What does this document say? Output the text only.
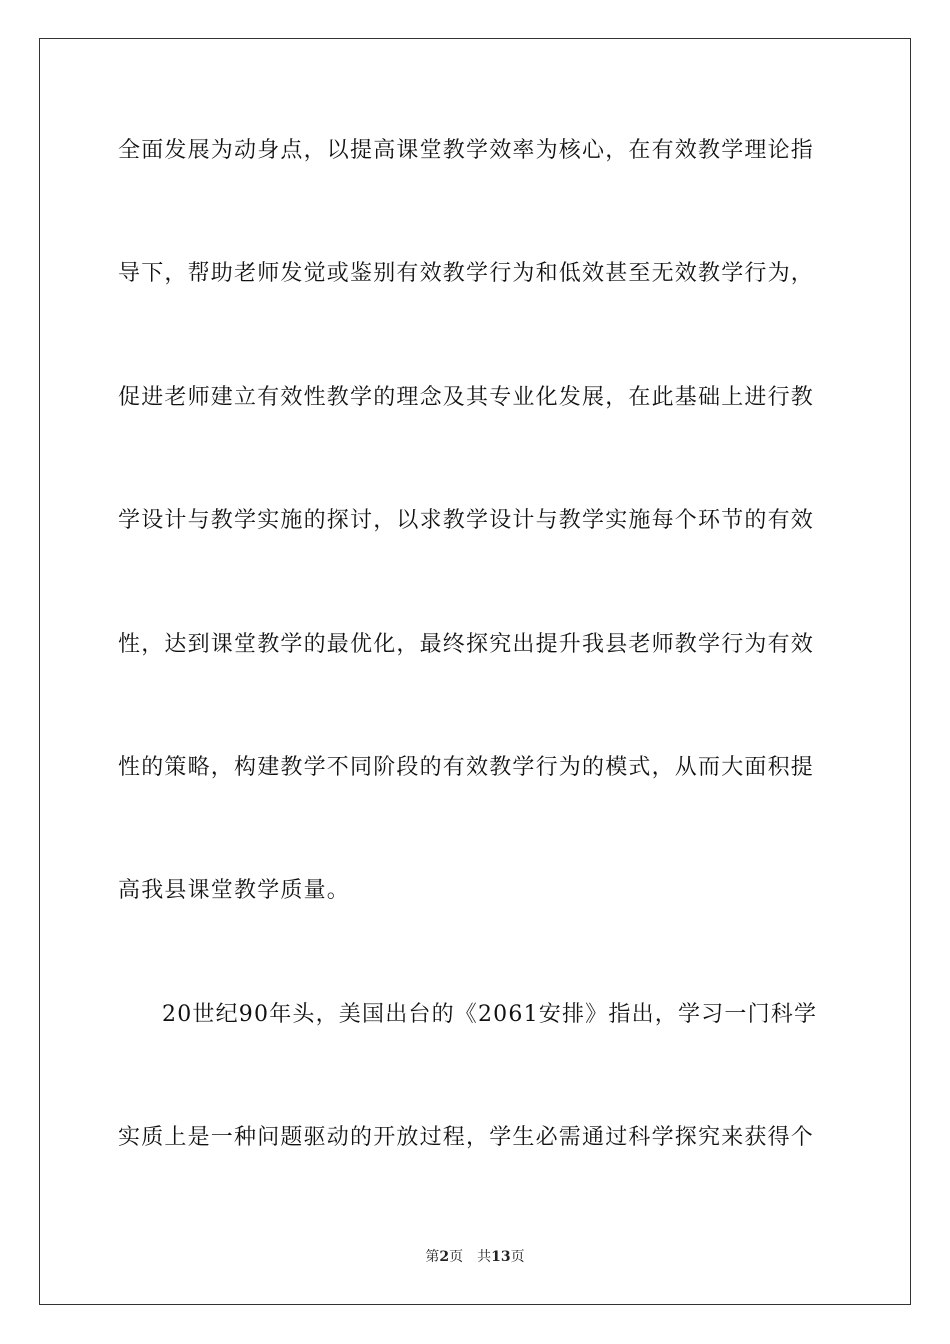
全面发展为动身点，以提高课堂教学效率为核心，在有效教学理论指
导下，帮助老师发觉或鉴别有效教学行为和低效甚至无效教学行为，
促进老师建立有效性教学的理念及其专业化发展，在此基础上进行教
学设计与教学实施的探讨，以求教学设计与教学实施每个环节的有效
性，达到课堂教学的最优化，最终探究出提升我县老师教学行为有效
性的策略，构建教学不同阶段的有效教学行为的模式，从而大面积提
高我县课堂教学质量。
20世纪90年头，美国出台的《2061安排》指出，学习一门科学
实质上是一种问题驱动的开放过程，学生必需通过科学探究来获得个
第2页 共13页
